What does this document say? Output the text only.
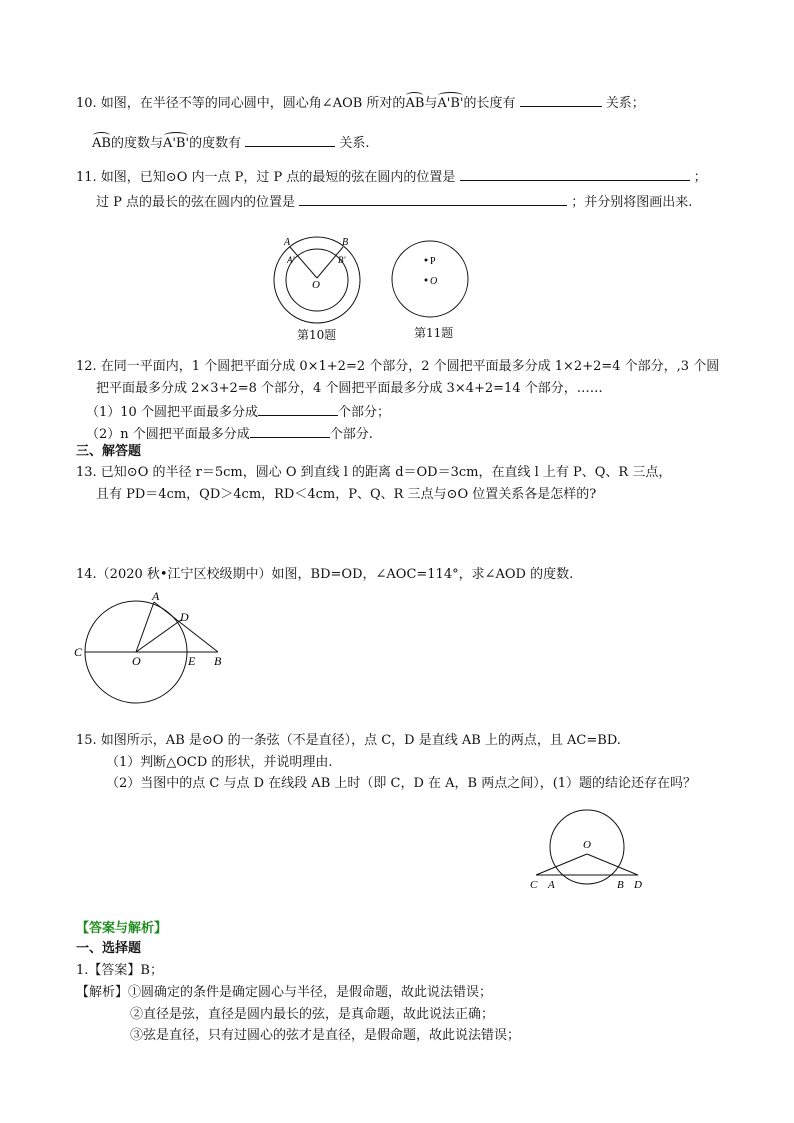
10. 如图，在半径不等的同心圆中，圆心角∠AOB 所对的AB与A'B'的长度有	关系；
AB的度数与A'B'的度数有	关系.
11. 如图，已知⊙O 内一点 P，过 P 点的最短的弦在圆内的位置是	；
过 P 点的最长的弦在圆内的位置是	；并分别将图画出来.
A	B
A'	B'
O
第10题
P
O
第11题
12. 在同一平面内，1 个圆把平面分成 0×1+2=2 个部分，2 个圆把平面最多分成 1×2+2=4 个部分，,3 个圆
把平面最多分成 2×3+2=8 个部分，4 个圆把平面最多分成 3×4+2=14 个部分，……
（1）10 个圆把平面最多分成	个部分；
（2）n 个圆把平面最多分成	个部分.
三、解答题
13. 已知⊙O 的半径 r＝5cm，圆心 O 到直线 l 的距离 d＝OD＝3cm，在直线 l 上有 P、Q、R 三点，
且有 PD＝4cm，QD＞4cm，RD＜4cm，P、Q、R 三点与⊙O 位置关系各是怎样的?
14.（2020 秋•江宁区校级期中）如图，BD=OD，∠AOC=114°，求∠AOD 的度数.
A
D
C
O	E B
15. 如图所示，AB 是⊙O 的一条弦（不是直径），点 C，D 是直线 AB 上的两点，且 AC=BD.
（1）判断△OCD 的形状，并说明理由.
（2）当图中的点 C 与点 D 在线段 AB 上时（即 C，D 在 A，B 两点之间），(1）题的结论还存在吗？
O
C A	B D
【答案与解析】
一、选择题
1.【答案】B；
【解析】①圆确定的条件是确定圆心与半径，是假命题，故此说法错误；
②直径是弦，直径是圆内最长的弦，是真命题，故此说法正确；
③弦是直径，只有过圆心的弦才是直径，是假命题，故此说法错误；
